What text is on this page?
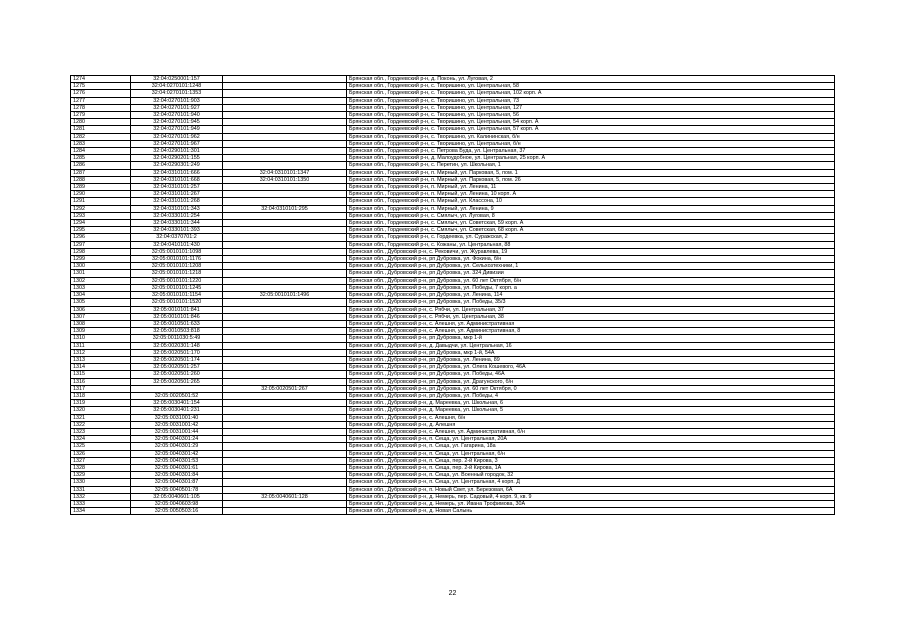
1274	32:04:0250001:157		Брянская обл., Гордеевский р-н, д. Поконь, ул. Луговая, 2
1275	32:04:0270101:1248		Брянская обл., Гордеевский р-н, с. Творишино, ул. Центральная, 58
1276	32:04:0270101:1353		Брянская обл., Гордеевский р-н, с. Творишино, ул. Центральная, 102 корп. А
1277	32:04:0270101:903		Брянская обл., Гордеевский р-н, с. Творишино, ул. Центральная, 73
1278	32:04:0270101:927		Брянская обл., Гордеевский р-н, с. Творишино, ул. Центральная, 127
1279	32:04:0270101:940		Брянская обл., Гордеевский р-н, с. Творишино, ул. Центральная, 56
1280	32:04:0270101:945		Брянская обл., Гордеевский р-н, с. Творишино, ул. Центральная, 54 корп. А
1281	32:04:0270101:949		Брянская обл., Гордеевский р-н, с. Творишино, ул. Центральная, 57 корп. А
1282	32:04:0270101:962		Брянская обл., Гордеевский р-н, с. Творишино, ул. Калининская, б/н
1283	32:04:0270101:967		Брянская обл., Гордеевский р-н, с. Творишино, ул. Центральная, б/н
1284	32:04:0290101:301		Брянская обл., Гордеевский р-н, с. Петрова Буда, ул. Центральная, 37
1285	32:04:0290201:155		Брянская обл., Гордеевский р-н, д. Малоудобное, ул. Центральная, 25 корп. А
1286	32:04:0290301:249		Брянская обл., Гордеевский р-н, с. Перетин, ул. Школьная, 1
1287	32:04:0310101:666	32:04:0310101:1347	Брянская обл., Гордеевский р-н, п. Мирный, ул. Парковая, 5, пом. 1
1288	32:04:0310101:668	32:04:0310101:1350	Брянская обл., Гордеевский р-н, п. Мирный, ул. Парковая, 5, пом. 26
1289	32:04:0310101:257		Брянская обл., Гордеевский р-н, п. Мирный, ул. Ленина, 11
1290	32:04:0310101:267		Брянская обл., Гордеевский р-н, п. Мирный, ул. Ленина, 10 корп. А
1291	32:04:0310101:268		Брянская обл., Гордеевский р-н, п. Мирный, ул. Классона, 10
1292	32:04:0310101:343	32:04:0310101:295	Брянская обл., Гордеевский р-н, п. Мирный, ул. Ленина, 9
1293	32:04:0330101:254		Брянская обл., Гордеевский р-н, с. Смялыч, ул. Луговая, 8
1294	32:04:0330101:344		Брянская обл., Гордеевский р-н, с. Смялыч, ул. Советская, 59 корп. А
1295	32:04:0330101:393		Брянская обл., Гордеевский р-н, с. Смялыч, ул. Советская, 68 корп. А
1296	32:04:0370701:2		Брянская обл., Гордеевский р-н, с. Гордеевка, ул. Суражская, 2
1297	32:04:0410101:430		Брянская обл., Гордеевский р-н, с. Кожаны, ул. Центральная, 88
1298	32:05:0010101:1098		Брянская обл., Дубровский р-н, с. Рековичи, ул. Журавлева, 19
1299	32:05:0010101:1176		Брянская обл., Дубровский р-н, рп Дубровка, ул. Фокина, б/н
1300	32:05:0010101:1208		Брянская обл., Дубровский р-н, рп Дубровка, ул. Сельхозтехники, 1
1301	32:05:0010101:1218		Брянская обл., Дубровский р-н, рп Дубровка, ул. 324 Дивизии
1302	32:05:0010101:1220		Брянская обл., Дубровский р-н, рп Дубровка, ул. 60 лет Октября, б/н
1303	32:05:0010101:1245		Брянская обл., Дубровский р-н, рп Дубровка, ул. Победы, 7 корп. а
1304	32:05:0010101:1154	32:05:0010101:1496	Брянская обл., Дубровский р-н, рп Дубровка, ул. Ленина, 114
1305	32:05:0010101:1520		Брянская обл., Дубровский р-н, рп Дубровка, ул. Победы, 35/3
1306	32:05:0010101:841		Брянская обл., Дубровский р-н, с. Рябчи, ул. Центральная, 37
1307	32:05:0010101:846		Брянская обл., Дубровский р-н, с. Рябчи, ул. Центральная, 38
1308	32:05:0010501:633		Брянская обл., Дубровский р-н, с. Алешня, ул. Административная
1309	32:05:0010503:818		Брянская обл., Дубровский р-н, с. Алешня, ул. Административная, 8
1310	32:05:0011030:5:49		Брянская обл., Дубровский р-н, рп Дубровка, мкр 1-й
1311	32:05:0020301:148		Брянская обл., Дубровский р-н, д. Давыдчи, ул. Центральная, 16
1312	32:05:0020501:170		Брянская обл., Дубровский р-н, рп Дубровка, мкр 1-й, 54А
1313	32:05:0020501:174		Брянская обл., Дубровский р-н, рп Дубровка, ул. Ленина, 89
1314	32:05:0020501:257		Брянская обл., Дубровский р-н, рп Дубровка, ул. Олега Кошевого, 46А
1315	32:05:0020501:260		Брянская обл., Дубровский р-н, рп Дубровка, ул. Победы, 46А
1316	32:05:0020501:265		Брянская обл., Дубровский р-н, рп Дубровка, ул. Драгунского, б/н
1317		32:05:0020501:267	Брянская обл., Дубровский р-н, рп Дубровка, ул. 60 лет Октября, 0
1318	32:05:0020501:52		Брянская обл., Дубровский р-н, рп Дубровка, ул. Победы, 4
1319	32:05:0030401:154		Брянская обл., Дубровский р-н, д. Мареевка, ул. Школьная, 6
1320	32:05:0030401:231		Брянская обл., Дубровский р-н, д. Мареевка, ул. Школьная, 5
1321	32:05:0031001:40		Брянская обл., Дубровский р-н, с. Алешня, б/н
1322	32:05:0031001:42		Брянская обл., Дубровский р-н, д. Алешня
1323	32:05:0031001:44		Брянская обл., Дубровский р-н, с. Алешня, ул. Административная, б/н
1324	32:05:0040301:24		Брянская обл., Дубровский р-н, п. Сеща, ул. Центральная, 20А
1325	32:05:0040301:29		Брянская обл., Дубровский р-н, п. Сеща, ул. Гагарина, 18а
1326	32:05:0040301:42		Брянская обл., Дубровский р-н, п. Сеща, ул. Центральная, б/н
1327	32:05:0040301:53		Брянская обл., Дубровский р-н, п. Сеща, пер. 2-й Кирова, 3
1328	32:05:0040301:61		Брянская обл., Дубровский р-н, п. Сеща, пер. 2-й Кирова, 1А
1329	32:05:0040301:84		Брянская обл., Дубровский р-н, п. Сеща, ул. Военный городок, 32
1330	32:05:0040301:87		Брянская обл., Дубровский р-н, п. Сеща, ул. Центральная, 4 корп. Д
1331	32:05:0040501:78		Брянская обл., Дубровский р-н, п. Новый Свет, ул. Березовая, 6А
1332	32:05:0040601:105	32:05:0040601:128	Брянская обл., Дубровский р-н, д. Немерь, пер. Садовый, 4 корп. 9, кв. 9
1333	32:05:0040603:98		Брянская обл., Дубровский р-н, д. Немерь, ул. Ивана Трофимова, 30А
1334	32:05:0050503:16		Брянская обл., Дубровский р-н, д. Новая Салынь
22
